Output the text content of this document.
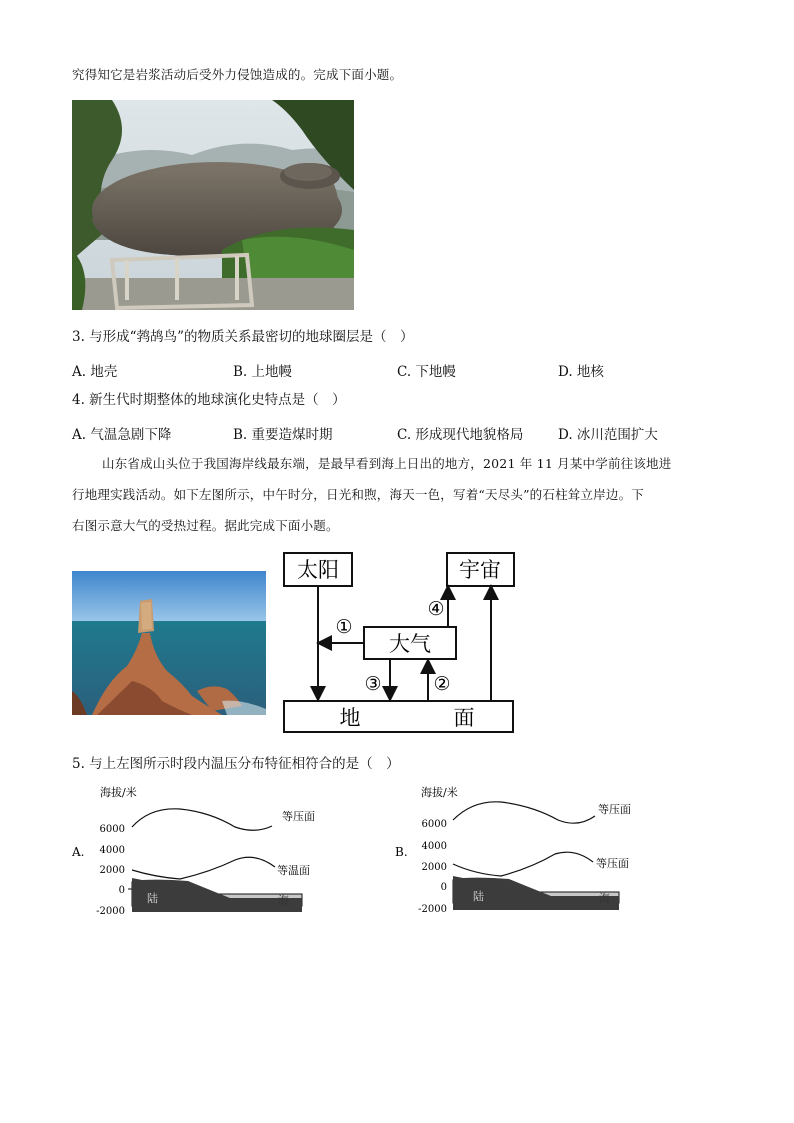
究得知它是岩浆活动后受外力侵蚀造成的。完成下面小题。
3. 与形成“鹁鸪鸟”的物质关系最密切的地球圈层是（　）
A. 地壳	B. 上地幔	C. 下地幔	D. 地核
4. 新生代时期整体的地球演化史特点是（　）
A. 气温急剧下降	B. 重要造煤时期	C. 形成现代地貌格局	D. 冰川范围扩大
山东省成山头位于我国海岸线最东端，是最早看到海上日出的地方，2021 年 11 月某中学前往该地进
行地理实践活动。如下左图所示，中午时分，日光和煦，海天一色，写着“天尽头”的石柱耸立岸边。下
右图示意大气的受热过程。据此完成下面小题。
太阳	宇宙
大气
地	面
①
②
③
④
5. 与上左图所示时段内温压分布特征相符合的是（　）
海拔/米
A.
6000
4000
2000
0
-2000
等压面
等温面
陆	海
海拔/米
B.
6000
4000
2000
0
-2000
等压面
等压面
陆	海
